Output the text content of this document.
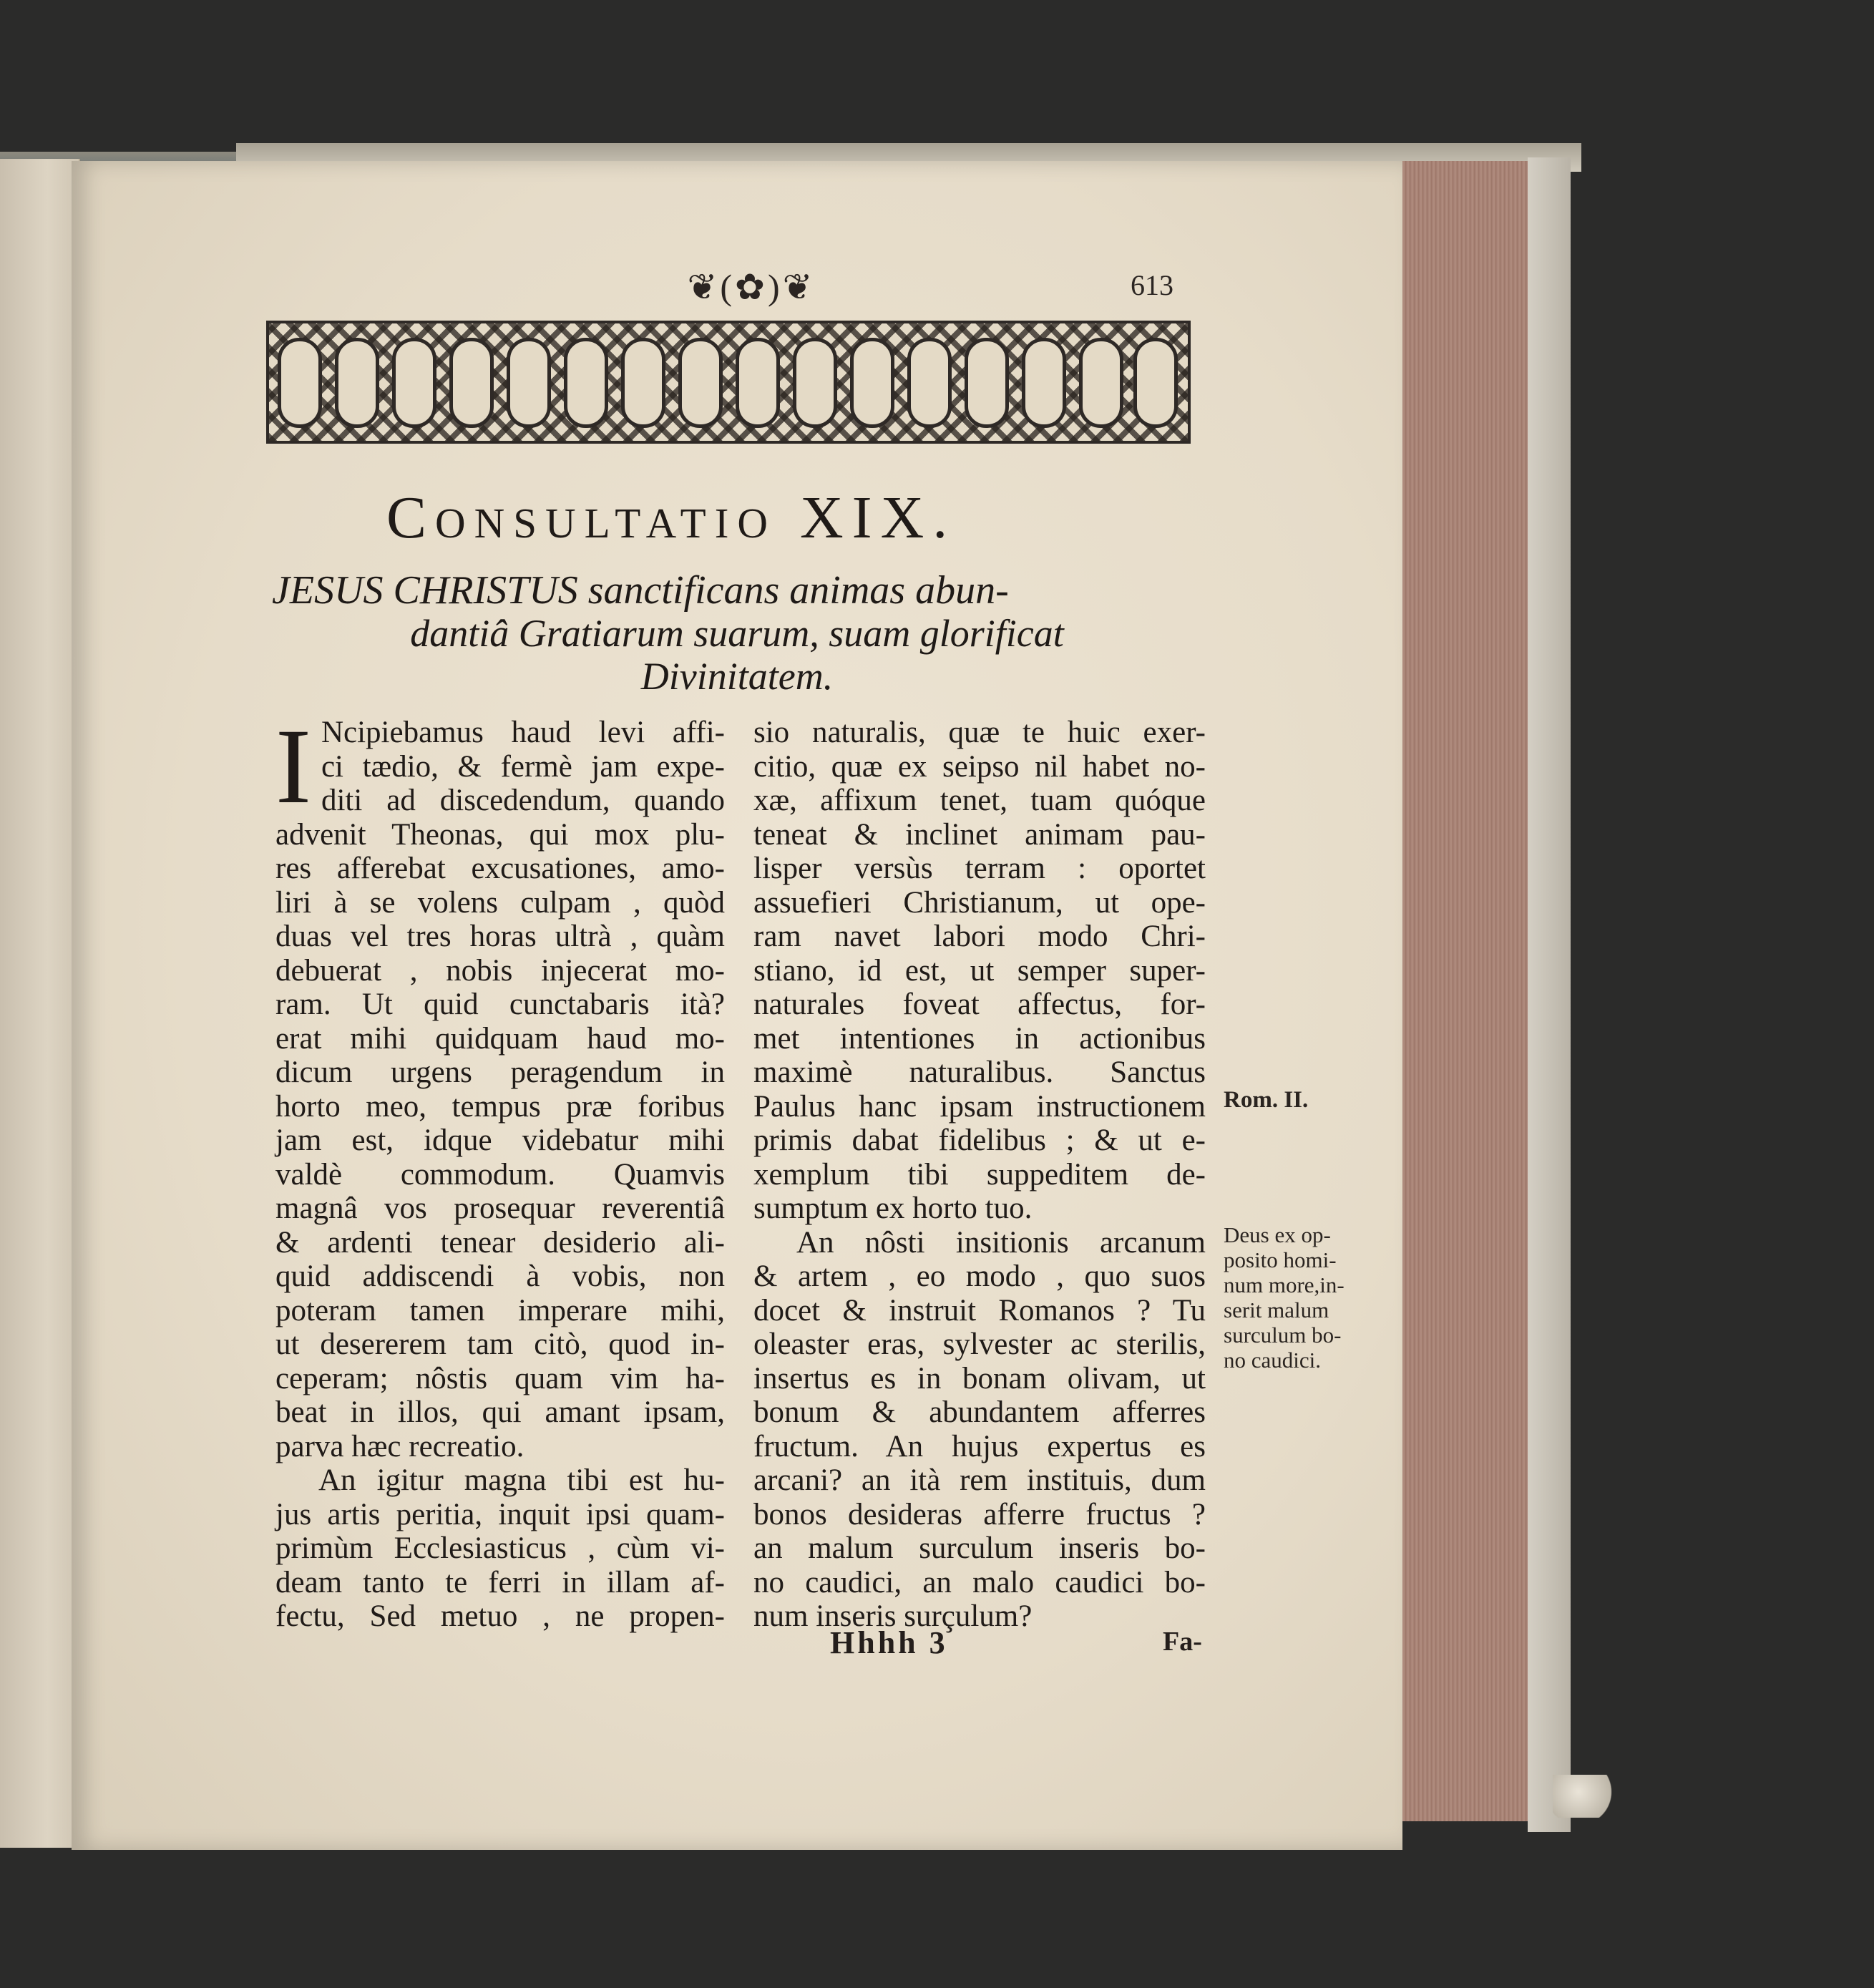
❦(✿)❦	613
Consultatio XIX.
JESUS CHRISTUS sanctificans animas abun-
dantiâ Gratiarum suarum, suam glorificat
Divinitatem.
I Ncipiebamus haud levi affi-
ci tædio, & fermè jam expe-
diti ad discedendum, quando
advenit Theonas, qui mox plu-
res afferebat excusationes, amo-
liri à se volens culpam , quòd
duas vel tres horas ultrà , quàm
debuerat , nobis injecerat mo-
ram. Ut quid cunctabaris ità?
erat mihi quidquam haud mo-
dicum urgens peragendum in
horto meo, tempus præ foribus
jam est, idque videbatur mihi
valdè commodum. Quamvis
magnâ vos prosequar reverentiâ
& ardenti tenear desiderio ali-
quid addiscendi à vobis, non
poteram tamen imperare mihi,
ut desererem tam citò, quod in-
ceperam; nôstis quam vim ha-
beat in illos, qui amant ipsam,
parva hæc recreatio.
An igitur magna tibi est hu-
jus artis peritia, inquit ipsi quam-
primùm Ecclesiasticus , cùm vi-
deam tanto te ferri in illam af-
fectu, Sed metuo , ne propen-
sio naturalis, quæ te huic exer-
citio, quæ ex seipso nil habet no-
xæ, affixum tenet, tuam quóque
teneat & inclinet animam pau-
lisper versùs terram : oportet
assuefieri Christianum, ut ope-
ram navet labori modo Chri-
stiano, id est, ut semper super-
naturales foveat affectus, for-
met intentiones in actionibus
maximè naturalibus. Sanctus
Paulus hanc ipsam instructionem
primis dabat fidelibus ; & ut e-
xemplum tibi suppeditem de-
sumptum ex horto tuo.
An nôsti insitionis arcanum
& artem , eo modo , quo suos
docet & instruit Romanos ? Tu
oleaster eras, sylvester ac sterilis,
insertus es in bonam olivam, ut
bonum & abundantem afferres
fructum. An hujus expertus es
arcani? an ità rem instituis, dum
bonos desideras afferre fructus ?
an malum surculum inseris bo-
no caudici, an malo caudici bo-
num inseris surçulum?
Rom. II.
Deus ex op-
posito homi-
num more,in-
serit malum
surculum bo-
no caudici.
Hhhh 3	Fa-
